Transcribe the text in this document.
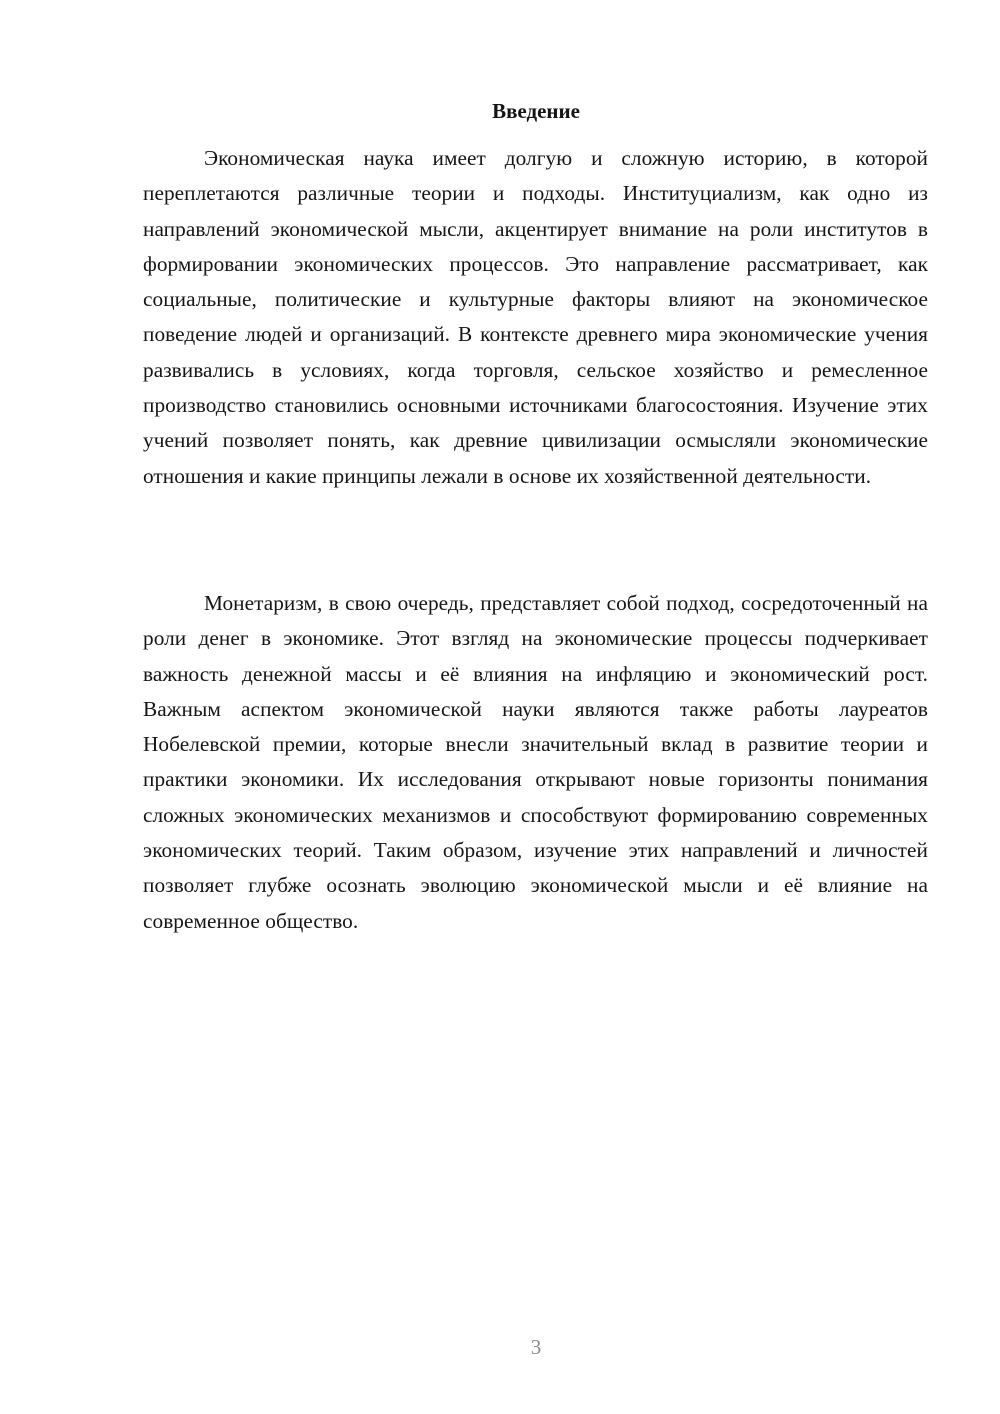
Введение

Экономическая наука имеет долгую и сложную историю, в которой переплетаются различные теории и подходы. Институциализм, как одно из направлений экономической мысли, акцентирует внимание на роли институтов в формировании экономических процессов. Это направление рассматривает, как социальные, политические и культурные факторы влияют на экономическое поведение людей и организаций. В контексте древнего мира экономические учения развивались в условиях, когда торговля, сельское хозяйство и ремесленное производство становились основными источниками благосостояния. Изучение этих учений позволяет понять, как древние цивилизации осмысляли экономические отношения и какие принципы лежали в основе их хозяйственной деятельности.

Монетаризм, в свою очередь, представляет собой подход, сосредоточенный на роли денег в экономике. Этот взгляд на экономические процессы подчеркивает важность денежной массы и её влияния на инфляцию и экономический рост. Важным аспектом экономической науки являются также работы лауреатов Нобелевской премии, которые внесли значительный вклад в развитие теории и практики экономики. Их исследования открывают новые горизонты понимания сложных экономических механизмов и способствуют формированию современных экономических теорий. Таким образом, изучение этих направлений и личностей позволяет глубже осознать эволюцию экономической мысли и её влияние на современное общество.

3
